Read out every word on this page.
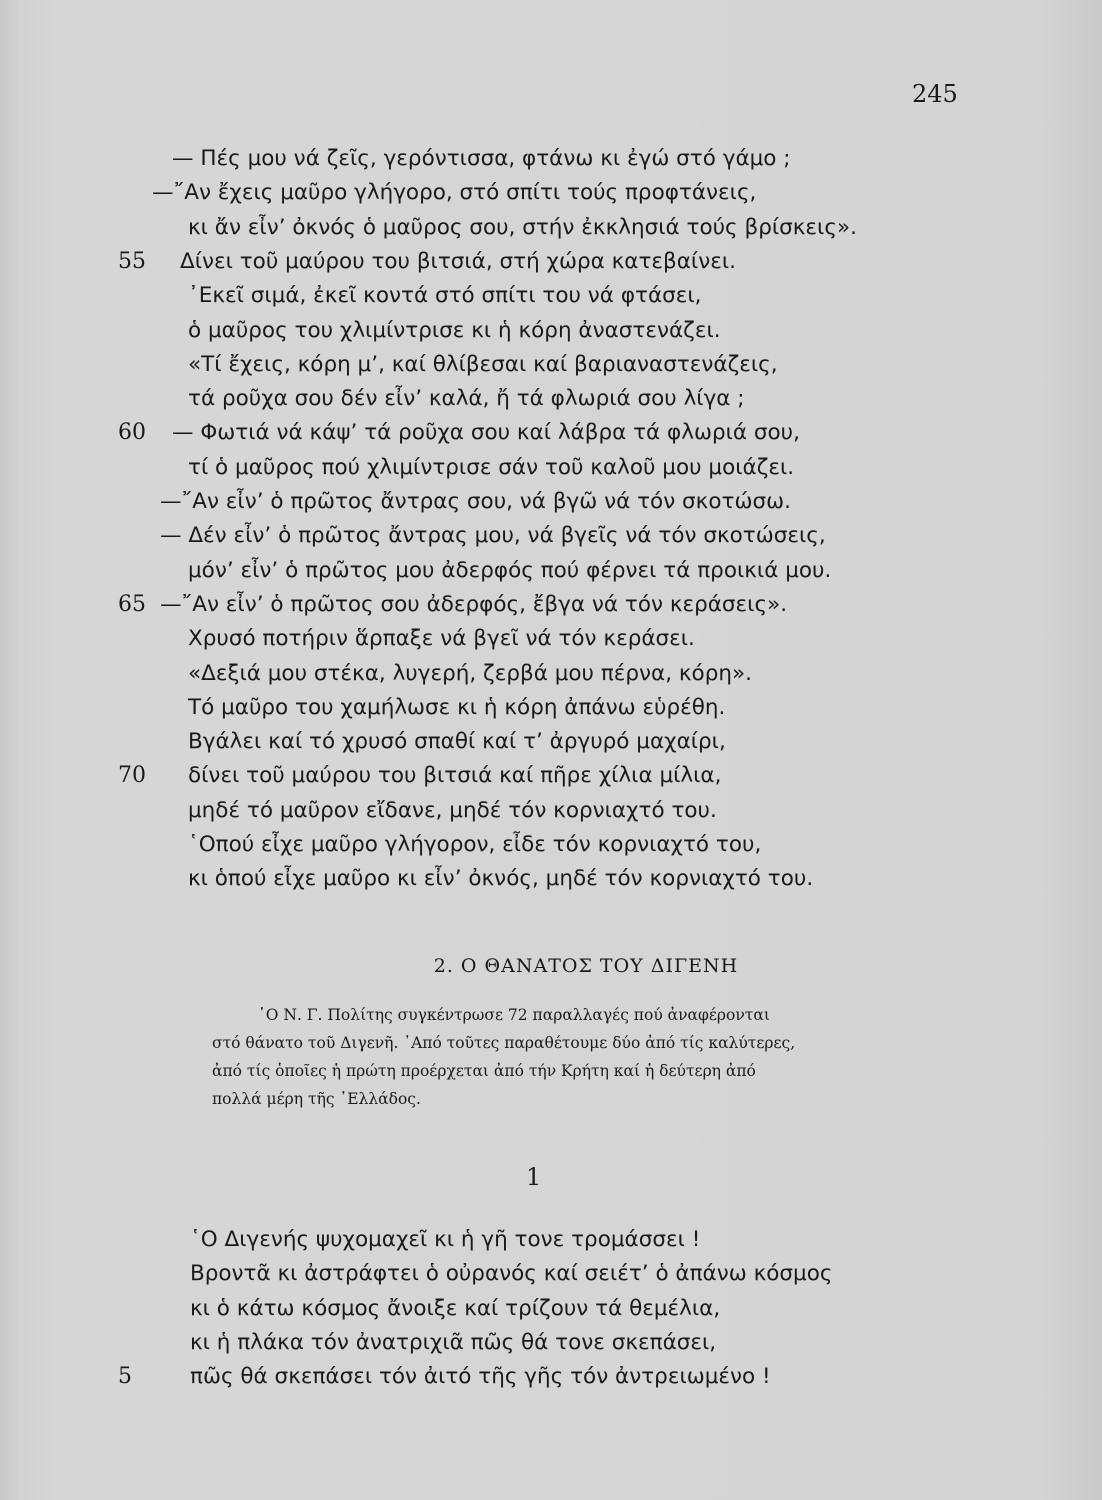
245
— Πές μου νά ζεῖς, γερόντισσα, φτάνω κι ἐγώ στό γάμο ;
—῎Αν ἔχεις μαῦρο γλήγορο, στό σπίτι τούς προφτάνεις,
κι ἄν εἶν’ ὀκνός ὁ μαῦρος σου, στήν ἐκκλησιά τούς βρίσκεις».
55	Δίνει τοῦ μαύρου του βιτσιά, στή χώρα κατεβαίνει.
᾿Εκεῖ σιμά, ἐκεῖ κοντά στό σπίτι του νά φτάσει,
ὁ μαῦρος του χλιμίντρισε κι ἡ κόρη ἀναστενάζει.
«Τί ἔχεις, κόρη μ’, καί θλίβεσαι καί βαριαναστενάζεις,
τά ροῦχα σου δέν εἶν’ καλά, ἤ τά φλωριά σου λίγα ;
60	— Φωτιά νά κάψ’ τά ροῦχα σου καί λάβρα τά φλωριά σου,
τί ὁ μαῦρος πού χλιμίντρισε σάν τοῦ καλοῦ μου μοιάζει.
—῎Αν εἶν’ ὁ πρῶτος ἄντρας σου, νά βγῶ νά τόν σκοτώσω.
— Δέν εἶν’ ὁ πρῶτος ἄντρας μου, νά βγεῖς νά τόν σκοτώσεις,
μόν’ εἶν’ ὁ πρῶτος μου ἀδερφός πού φέρνει τά προικιά μου.
65 —῎Αν εἶν’ ὁ πρῶτος σου ἀδερφός, ἔβγα νά τόν κεράσεις».
Χρυσό ποτήριν ἅρπαξε νά βγεῖ νά τόν κεράσει.
«Δεξιά μου στέκα, λυγερή, ζερβά μου πέρνα, κόρη».
Τό μαῦρο του χαμήλωσε κι ἡ κόρη ἀπάνω εὑρέθη.
Βγάλει καί τό χρυσό σπαθί καί τ’ ἀργυρό μαχαίρι,
70	δίνει τοῦ μαύρου του βιτσιά καί πῆρε χίλια μίλια,
μηδέ τό μαῦρον εἴδανε, μηδέ τόν κορνιαχτό του.
῾Οπού εἶχε μαῦρο γλήγορον, εἶδε τόν κορνιαχτό του,
κι ὁπού εἶχε μαῦρο κι εἶν’ ὀκνός, μηδέ τόν κορνιαχτό του.
2. Ο ΘΑΝΑΤΟΣ ΤΟΥ ΔΙΓΕΝΗ
῾Ο Ν. Γ. Πολίτης συγκέντρωσε 72 παραλλαγές πού ἀναφέρονται
στό θάνατο τοῦ Διγενῆ. ᾿Από τοῦτες παραθέτουμε δύο ἀπό τίς καλύτερες,
ἀπό τίς ὁποῖες ἡ πρώτη προέρχεται ἀπό τήν Κρήτη καί ἡ δεύτερη ἀπό
πολλά μέρη τῆς ῾Ελλάδος.
1
῾Ο Διγενής ψυχομαχεῖ κι ἡ γῆ τονε τρομάσσει !
Βροντᾶ κι ἀστράφτει ὁ οὐρανός καί σειέτ’ ὁ ἀπάνω κόσμος
κι ὁ κάτω κόσμος ἄνοιξε καί τρίζουν τά θεμέλια,
κι ἡ πλάκα τόν ἀνατριχιᾶ πῶς θά τονε σκεπάσει,
5	πῶς θά σκεπάσει τόν ἀιτό τῆς γῆς τόν ἀντρειωμένο !
